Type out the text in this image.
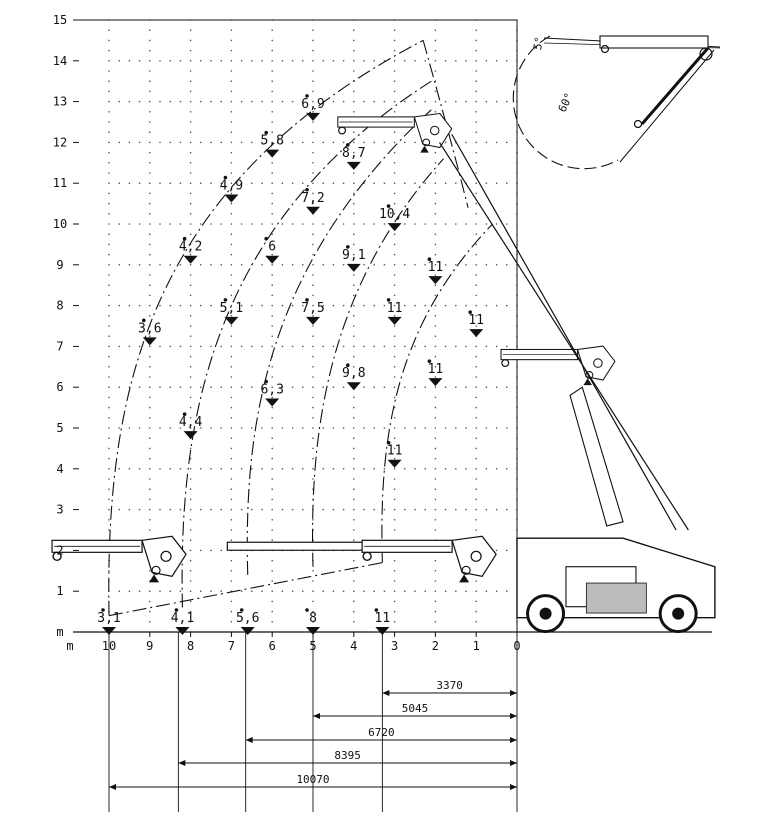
1
2
3
4
5
6
7
8
9
10
11
12
13
14
15
10 9	8	7	6	5	4	3	2	1	0
m
m
3,1	4,1	5,6	8	11
3,6
4,2
4,4
4,9
5,1
5,8
6
6,3
6,9
7,2
7,5
8,7
9,1
9,8
10,4
11
11
11
11
11
3370
5045
6720
8395
10070
5°
60°
